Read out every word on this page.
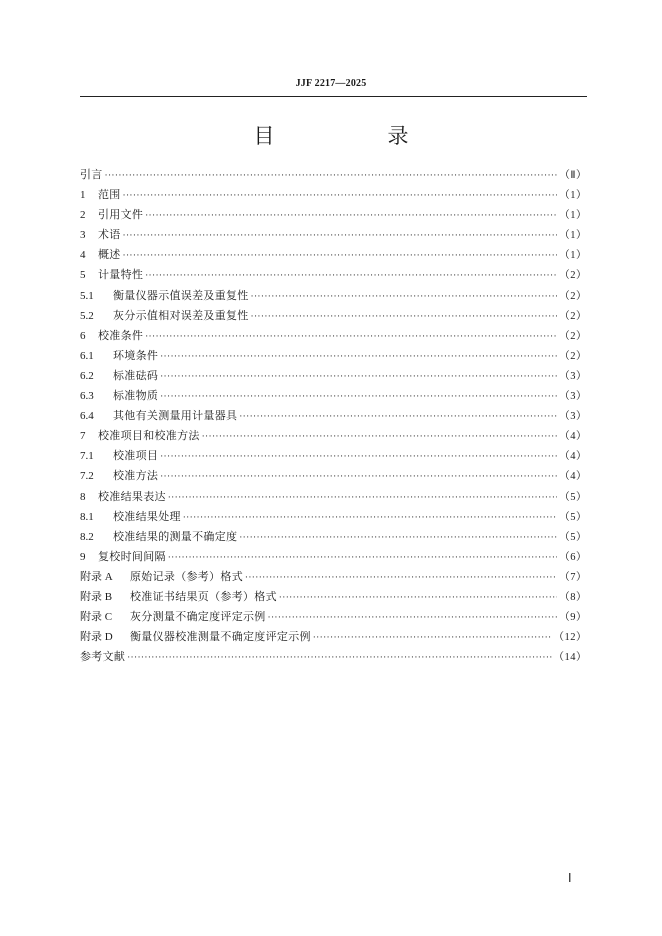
JJF 2217—2025
目　录
引言 ·····	（Ⅱ）
1	范围 ·····	（1）
2	引用文件 ·····	（1）
3	术语 ·····	（1）
4	概述 ·····	（1）
5	计量特性 ·····	（2）
5.1	衡量仪器示值误差及重复性 ·····	（2）
5.2	灰分示值相对误差及重复性 ·····	（2）
6	校准条件 ·····	（2）
6.1	环境条件 ·····	（2）
6.2	标准砝码 ·····	（3）
6.3	标准物质 ·····	（3）
6.4	其他有关测量用计量器具 ·····	（3）
7	校准项目和校准方法 ·····	（4）
7.1	校准项目 ·····	（4）
7.2	校准方法 ·····	（4）
8	校准结果表达 ·····	（5）
8.1	校准结果处理 ·····	（5）
8.2	校准结果的测量不确定度 ·····	（5）
9	复校时间间隔 ·····	（6）
附录 A	原始记录（参考）格式 ·····	（7）
附录 B	校准证书结果页（参考）格式 ·····	（8）
附录 C	灰分测量不确定度评定示例 ·····	（9）
附录 D	衡量仪器校准测量不确定度评定示例 ·····	（12）
参考文献 ·····	（14）
Ⅰ
